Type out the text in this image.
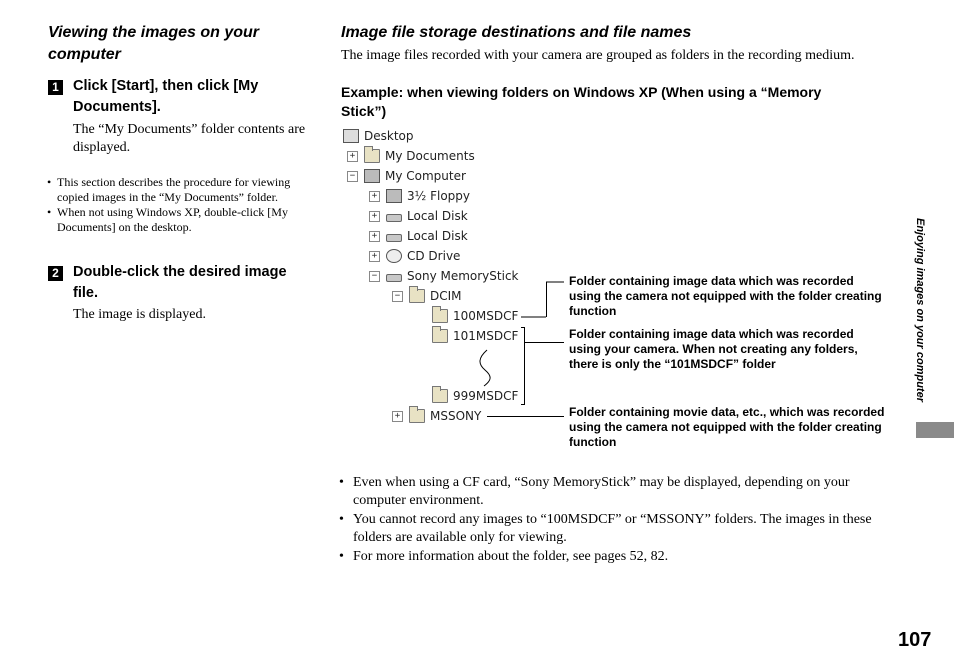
Viewing the images on your computer
1 Click [Start], then click [My Documents].
The “My Documents” folder contents are displayed.
• This section describes the procedure for viewing copied images in the “My Documents” folder.
• When not using Windows XP, double-click [My Documents] on the desktop.
2 Double-click the desired image file.
The image is displayed.
Image file storage destinations and file names
The image files recorded with your camera are grouped as folders in the recording medium.
Example: when viewing folders on Windows XP (When using a “Memory Stick”)
Desktop
+ My Documents
− My Computer
+ 3½ Floppy
+ Local Disk
+ Local Disk
+ CD Drive
− Sony MemoryStick
− DCIM
100MSDCF
101MSDCF
999MSDCF
+ MSSONY
Folder containing image data which was recorded using the camera not equipped with the folder creating function
Folder containing image data which was recorded using your camera. When not creating any folders, there is only the “101MSDCF” folder
Folder containing movie data, etc., which was recorded using the camera not equipped with the folder creating function
• Even when using a CF card, “Sony MemoryStick” may be displayed, depending on your computer environment.
• You cannot record any images to “100MSDCF” or “MSSONY” folders. The images in these folders are available only for viewing.
• For more information about the folder, see pages 52, 82.
Enjoying images on your computer
107
